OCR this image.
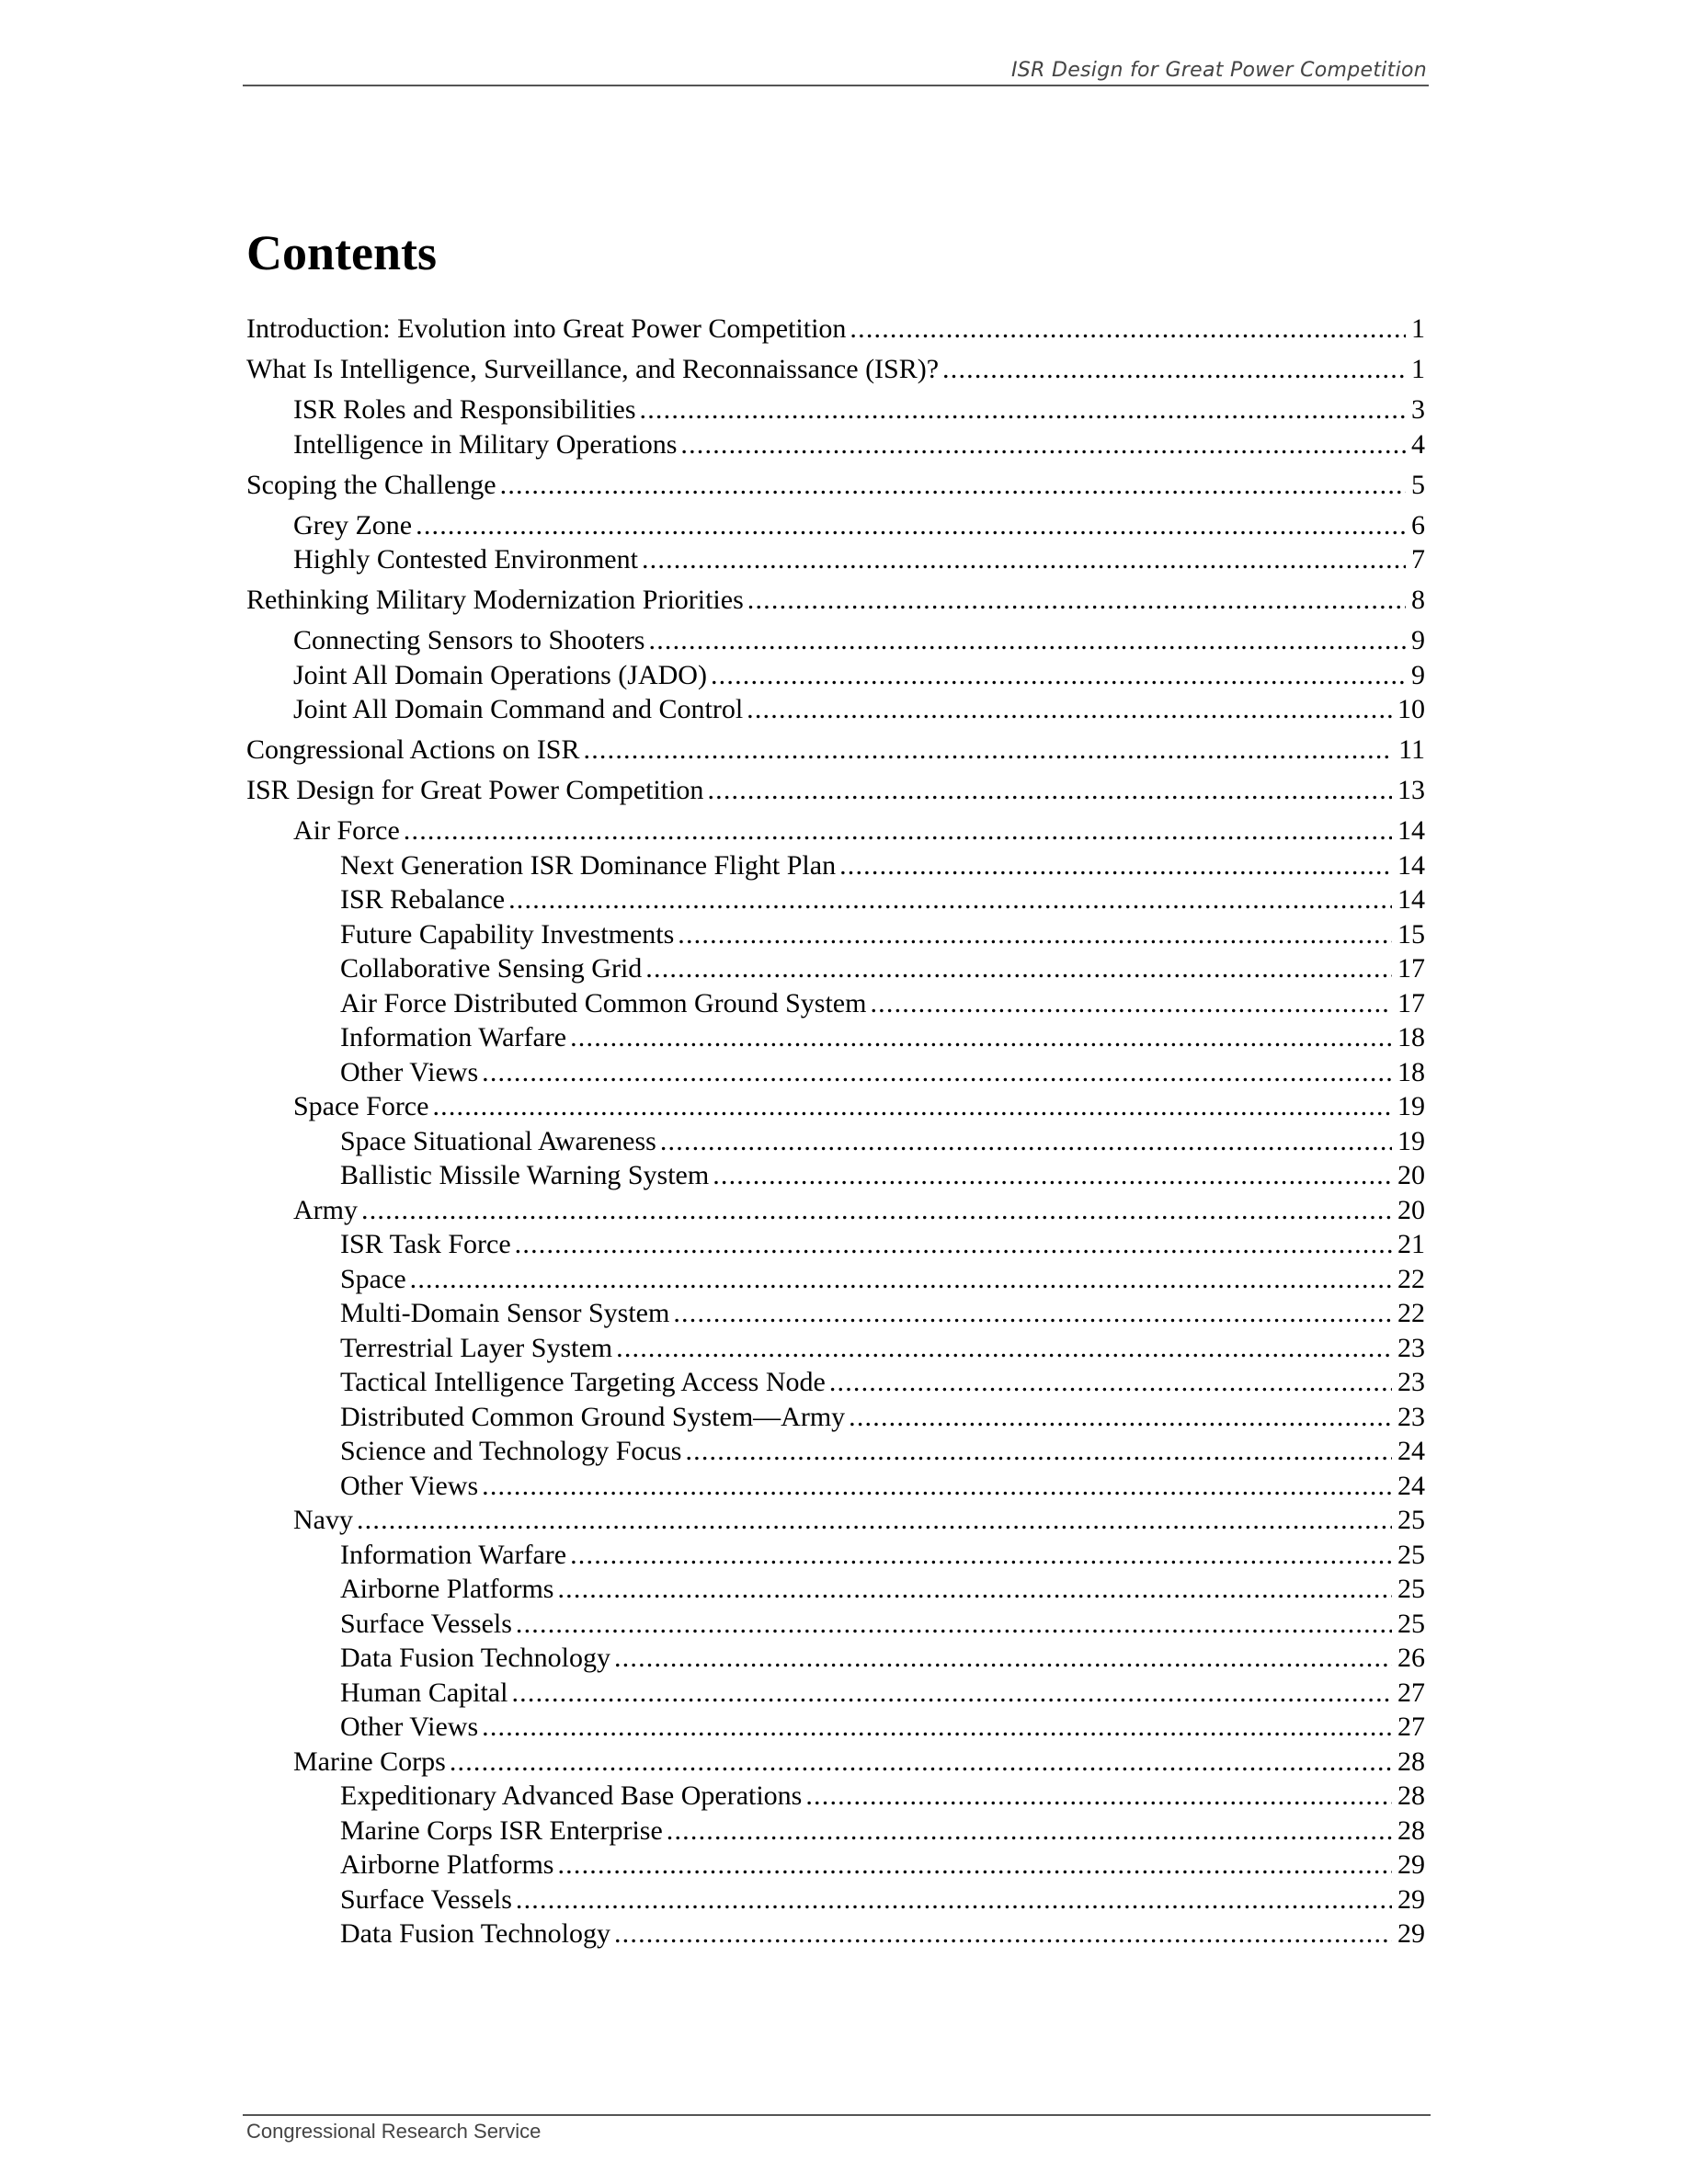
ISR Design for Great Power Competition
Contents
Introduction: Evolution into Great Power Competition .....	1
What Is Intelligence, Surveillance, and Reconnaissance (ISR)? .....	1
ISR Roles and Responsibilities .....	3
Intelligence in Military Operations .....	4
Scoping the Challenge .....	5
Grey Zone .....	6
Highly Contested Environment .....	7
Rethinking Military Modernization Priorities .....	8
Connecting Sensors to Shooters .....	9
Joint All Domain Operations (JADO) .....	9
Joint All Domain Command and Control .....	10
Congressional Actions on ISR .....	11
ISR Design for Great Power Competition .....	13
Air Force .....	14
Next Generation ISR Dominance Flight Plan .....	14
ISR Rebalance .....	14
Future Capability Investments .....	15
Collaborative Sensing Grid .....	17
Air Force Distributed Common Ground System .....	17
Information Warfare .....	18
Other Views .....	18
Space Force .....	19
Space Situational Awareness .....	19
Ballistic Missile Warning System .....	20
Army .....	20
ISR Task Force .....	21
Space .....	22
Multi-Domain Sensor System .....	22
Terrestrial Layer System .....	23
Tactical Intelligence Targeting Access Node .....	23
Distributed Common Ground System—Army .....	23
Science and Technology Focus .....	24
Other Views .....	24
Navy .....	25
Information Warfare .....	25
Airborne Platforms .....	25
Surface Vessels .....	25
Data Fusion Technology .....	26
Human Capital .....	27
Other Views .....	27
Marine Corps .....	28
Expeditionary Advanced Base Operations .....	28
Marine Corps ISR Enterprise .....	28
Airborne Platforms .....	29
Surface Vessels .....	29
Data Fusion Technology .....	29
Congressional Research Service
